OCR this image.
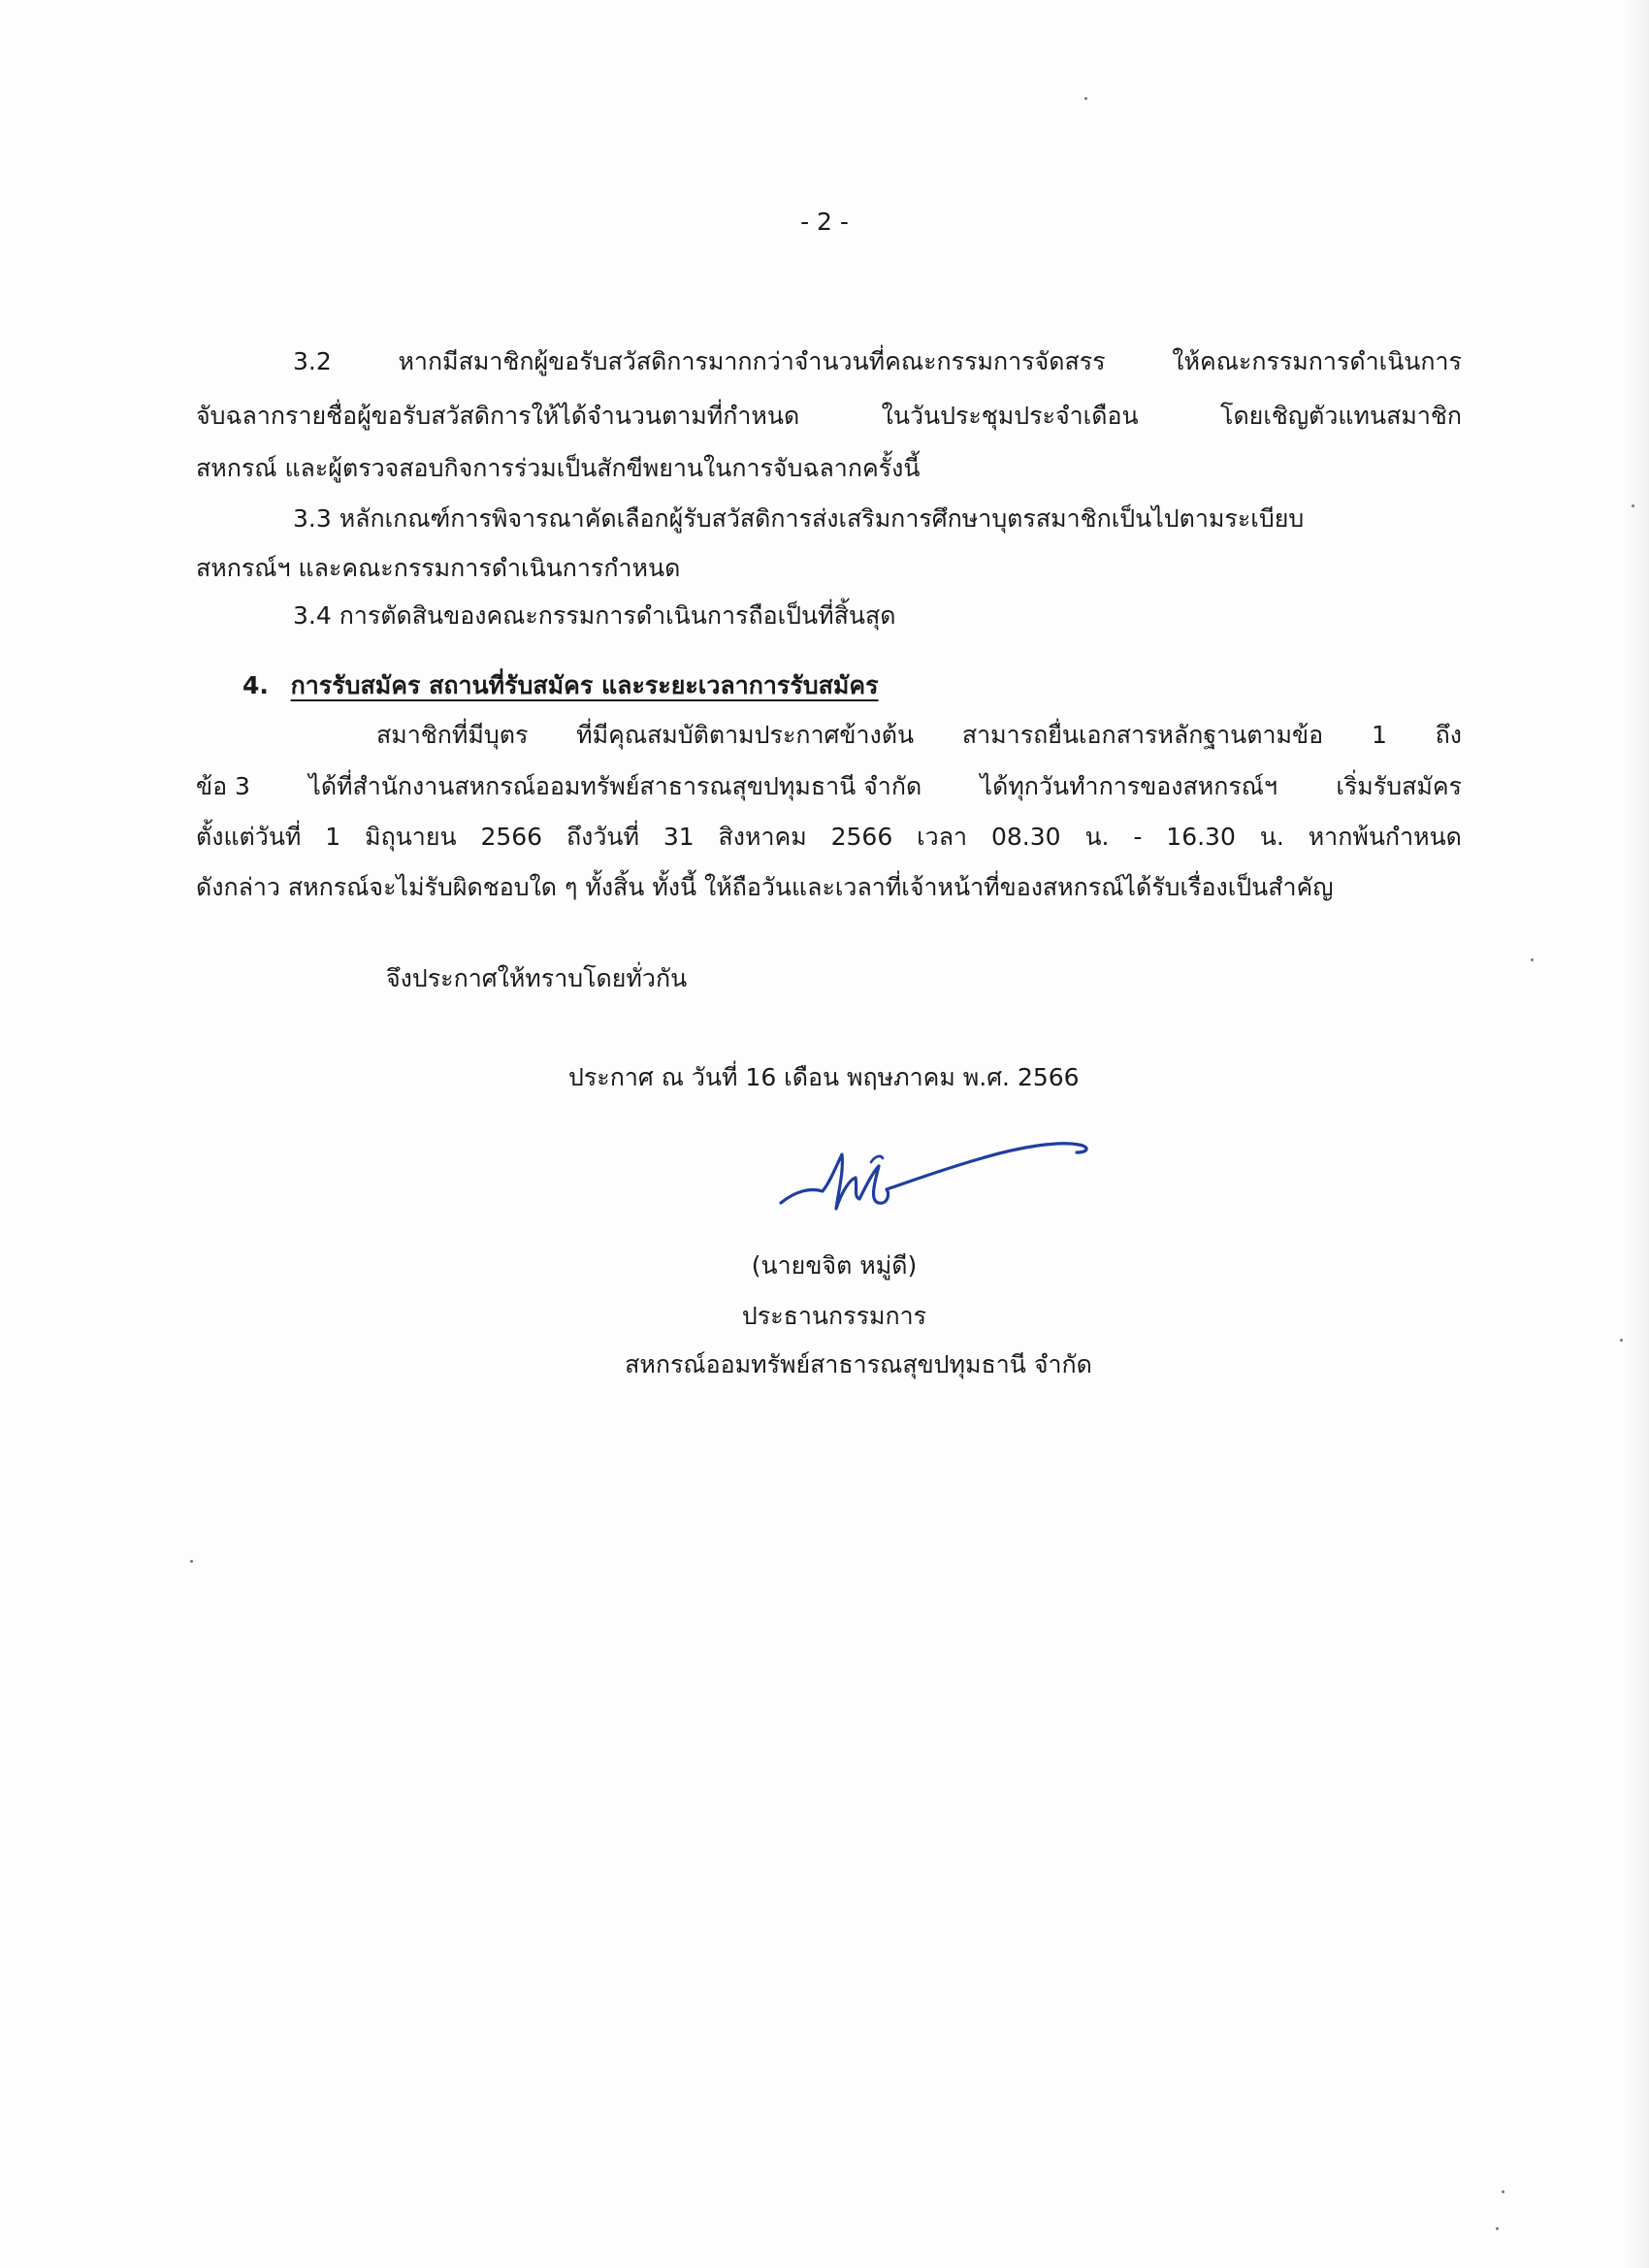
- 2 -
3.2	หากมีสมาชิกผู้ขอรับสวัสดิการมากกว่าจำนวนที่คณะกรรมการจัดสรร	ให้คณะกรรมการดำเนินการ
จับฉลากรายชื่อผู้ขอรับสวัสดิการให้ได้จำนวนตามที่กำหนด	ในวันประชุมประจำเดือน	โดยเชิญตัวแทนสมาชิก
สหกรณ์ และผู้ตรวจสอบกิจการร่วมเป็นสักขีพยานในการจับฉลากครั้งนี้
3.3 หลักเกณฑ์การพิจารณาคัดเลือกผู้รับสวัสดิการส่งเสริมการศึกษาบุตรสมาชิกเป็นไปตามระเบียบ
สหกรณ์ฯ และคณะกรรมการดำเนินการกำหนด
3.4 การตัดสินของคณะกรรมการดำเนินการถือเป็นที่สิ้นสุด
4. การรับสมัคร สถานที่รับสมัคร และระยะเวลาการรับสมัคร
สมาชิกที่มีบุตร ที่มีคุณสมบัติตามประกาศข้างต้น สามารถยื่นเอกสารหลักฐานตามข้อ 1 ถึง
ข้อ 3 ได้ที่สำนักงานสหกรณ์ออมทรัพย์สาธารณสุขปทุมธานี จำกัด ได้ทุกวันทำการของสหกรณ์ฯ เริ่มรับสมัคร
ตั้งแต่วันที่ 1 มิถุนายน 2566 ถึงวันที่ 31 สิงหาคม 2566 เวลา 08.30 น. - 16.30 น. หากพ้นกำหนด
ดังกล่าว สหกรณ์จะไม่รับผิดชอบใด ๆ ทั้งสิ้น ทั้งนี้ ให้ถือวันและเวลาที่เจ้าหน้าที่ของสหกรณ์ได้รับเรื่องเป็นสำคัญ
จึงประกาศให้ทราบโดยทั่วกัน
ประกาศ ณ วันที่ 16 เดือน พฤษภาคม พ.ศ. 2566
(นายขจิต หมู่ดี)
ประธานกรรมการ
สหกรณ์ออมทรัพย์สาธารณสุขปทุมธานี จำกัด
